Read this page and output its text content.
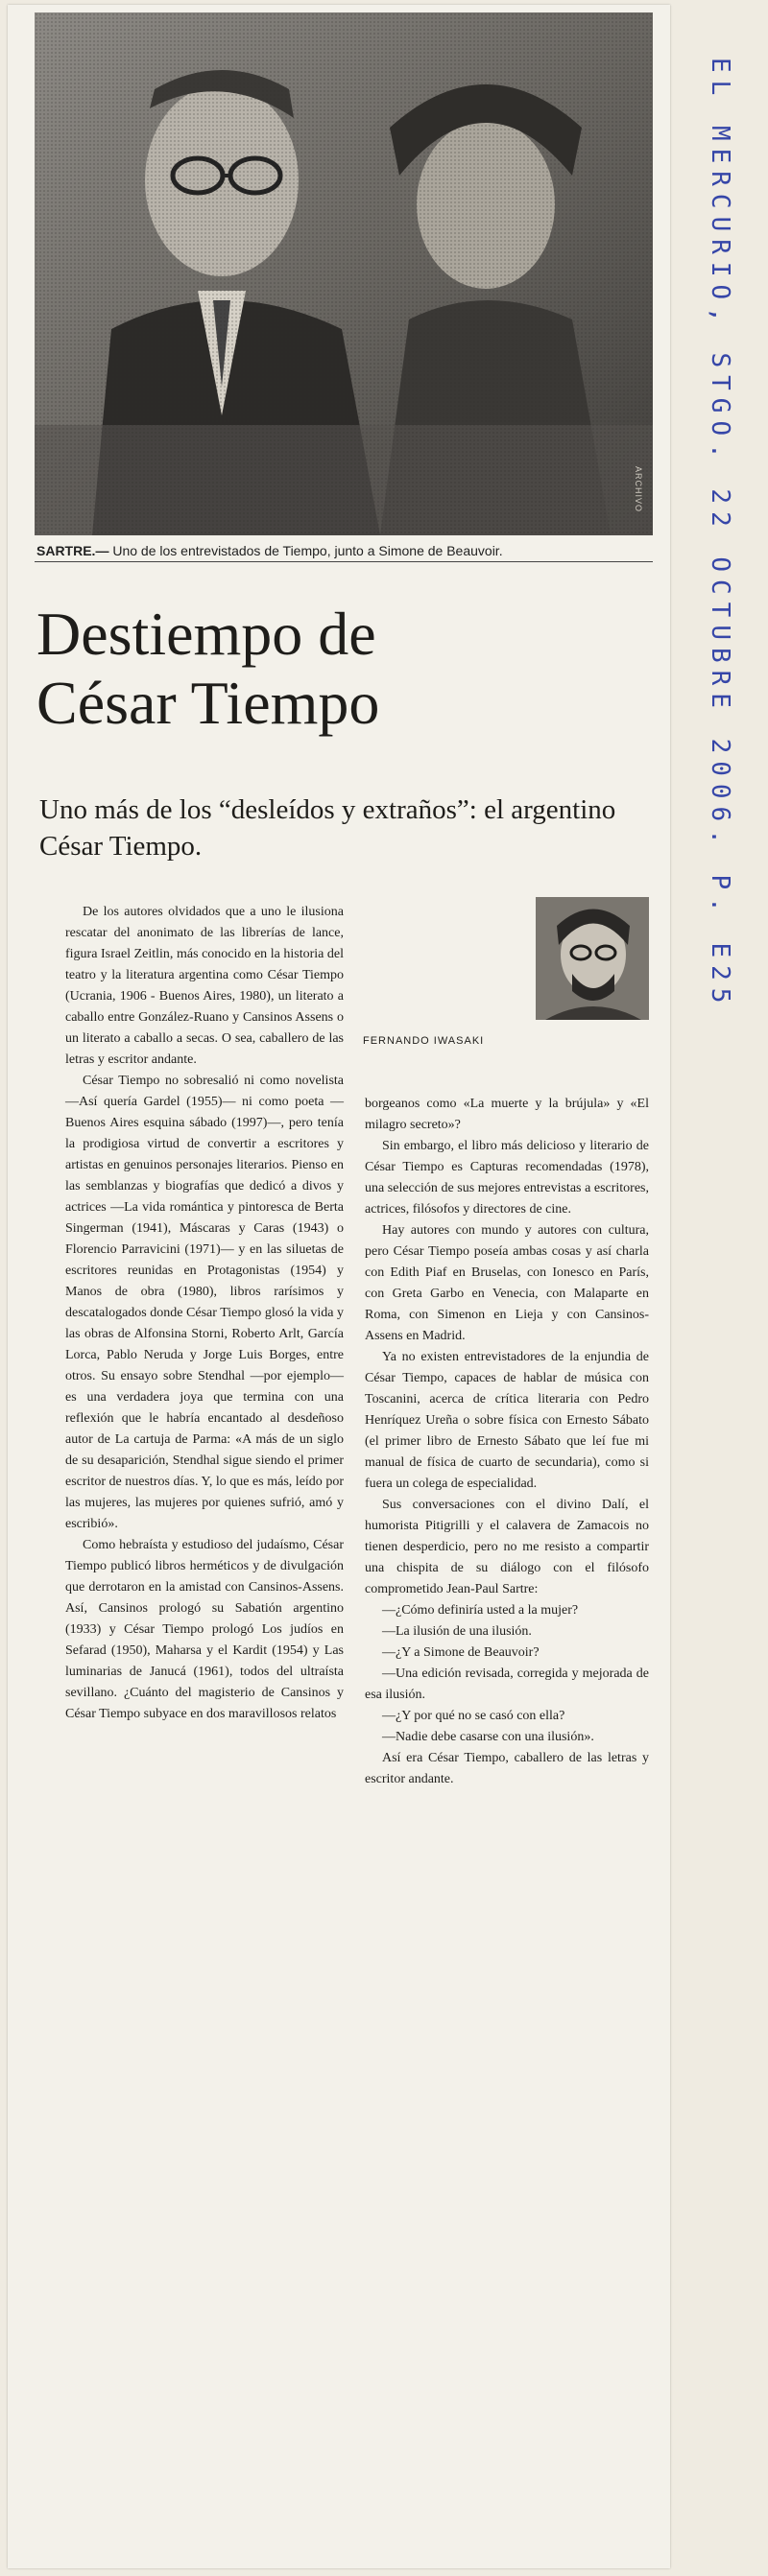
ARCHIVO
SARTRE.— Uno de los entrevistados de Tiempo, junto a Simone de Beauvoir.
Destiempo de
César Tiempo
Uno más de los “desleídos y extraños”: el argentino César Tiempo.
FERNANDO IWASAKI

De los autores olvidados que a uno le ilusiona rescatar del anonimato de las librerías de lance, figura Israel Zeitlin, más conocido en la historia del teatro y la literatura argentina como César Tiempo (Ucrania, 1906 - Buenos Aires, 1980), un literato a caballo entre González-Ruano y Cansinos Assens o un literato a caballo a secas. O sea, caballero de las letras y escritor andante.

César Tiempo no sobresalió ni como novelista —Así quería Gardel (1955)— ni como poeta —Buenos Aires esquina sábado (1997)—, pero tenía la prodigiosa virtud de convertir a escritores y artistas en genuinos personajes literarios. Pienso en las semblanzas y biografías que dedicó a divos y actrices —La vida romántica y pintoresca de Berta Singerman (1941), Máscaras y Caras (1943) o Florencio Parravicini (1971)— y en las siluetas de escritores reunidas en Protagonistas (1954) y Manos de obra (1980), libros rarísimos y descatalogados donde César Tiempo glosó la vida y las obras de Alfonsina Storni, Roberto Arlt, García Lorca, Pablo Neruda y Jorge Luis Borges, entre otros. Su ensayo sobre Stendhal —por ejemplo— es una verdadera joya que termina con una reflexión que le habría encantado al desdeñoso autor de La cartuja de Parma: «A más de un siglo de su desaparición, Stendhal sigue siendo el primer escritor de nuestros días. Y, lo que es más, leído por las mujeres, las mujeres por quienes sufrió, amó y escribió».

Como hebraísta y estudioso del judaísmo, César Tiempo publicó libros herméticos y de divulgación que derrotaron en la amistad con Cansinos-Assens. Así, Cansinos prologó su Sabatión argentino (1933) y César Tiempo prologó Los judíos en Sefarad (1950), Maharsa y el Kardit (1954) y Las luminarias de Janucá (1961), todos del ultraísta sevillano. ¿Cuánto del magisterio de Cansinos y César Tiempo subyace en dos maravillosos relatos

borgeanos como «La muerte y la brújula» y «El milagro secreto»?

Sin embargo, el libro más delicioso y literario de César Tiempo es Capturas recomendadas (1978), una selección de sus mejores entrevistas a escritores, actrices, filósofos y directores de cine.

Hay autores con mundo y autores con cultura, pero César Tiempo poseía ambas cosas y así charla con Edith Piaf en Bruselas, con Ionesco en París, con Greta Garbo en Venecia, con Malaparte en Roma, con Simenon en Lieja y con Cansinos-Assens en Madrid.

Ya no existen entrevistadores de la enjundia de César Tiempo, capaces de hablar de música con Toscanini, acerca de crítica literaria con Pedro Henríquez Ureña o sobre física con Ernesto Sábato (el primer libro de Ernesto Sábato que leí fue mi manual de física de cuarto de secundaria), como si fuera un colega de especialidad.

Sus conversaciones con el divino Dalí, el humorista Pitigrilli y el calavera de Zamacois no tienen desperdicio, pero no me resisto a compartir una chispita de su diálogo con el filósofo comprometido Jean-Paul Sartre:

—¿Cómo definiría usted a la mujer?

—La ilusión de una ilusión.

—¿Y a Simone de Beauvoir?

—Una edición revisada, corregida y mejorada de esa ilusión.

—¿Y por qué no se casó con ella?

—Nadie debe casarse con una ilusión».

Así era César Tiempo, caballero de las letras y escritor andante.

EL MERCURIO, STGO. 22 OCTUBRE 2006. P. E25
